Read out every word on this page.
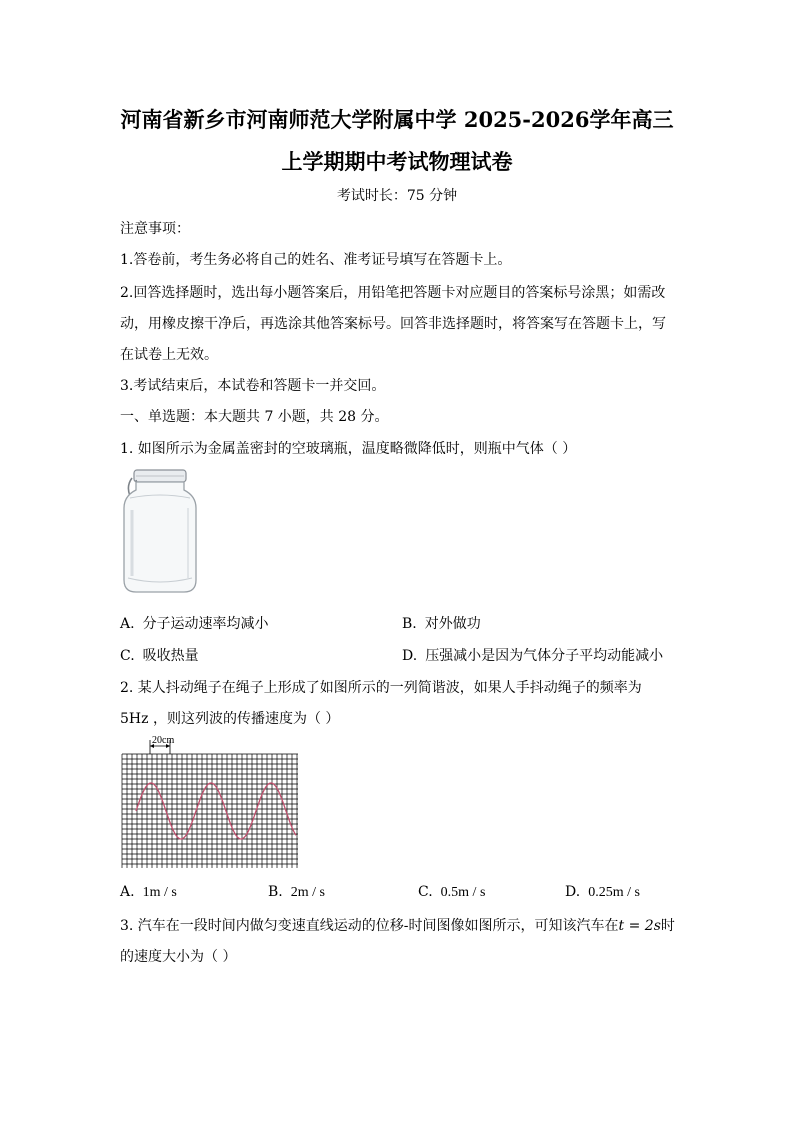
河南省新乡市河南师范大学附属中学 2025-2026学年高三
上学期期中考试物理试卷
考试时长：75 分钟
注意事项：
1.答卷前，考生务必将自己的姓名、准考证号填写在答题卡上。
2.回答选择题时，选出每小题答案后，用铅笔把答题卡对应题目的答案标号涂黑；如需改
动，用橡皮擦干净后，再选涂其他答案标号。回答非选择题时，将答案写在答题卡上，写
在试卷上无效。
3.考试结束后，本试卷和答题卡一并交回。
一、单选题：本大题共 7 小题，共 28 分。
1. 如图所示为金属盖密封的空玻璃瓶，温度略微降低时，则瓶中气体（ ）
A. 分子运动速率均减小	B. 对外做功
C. 吸收热量	D. 压强减小是因为气体分子平均动能减小
2. 某人抖动绳子在绳子上形成了如图所示的一列简谐波，如果人手抖动绳子的频率为
5Hz ，则这列波的传播速度为（ ）
20cm
A. 1m / s	B. 2m / s	C. 0.5m / s	D. 0.25m / s
3. 汽车在一段时间内做匀变速直线运动的位移-时间图像如图所示，可知该汽车在t = 2s时
的速度大小为（ ）
